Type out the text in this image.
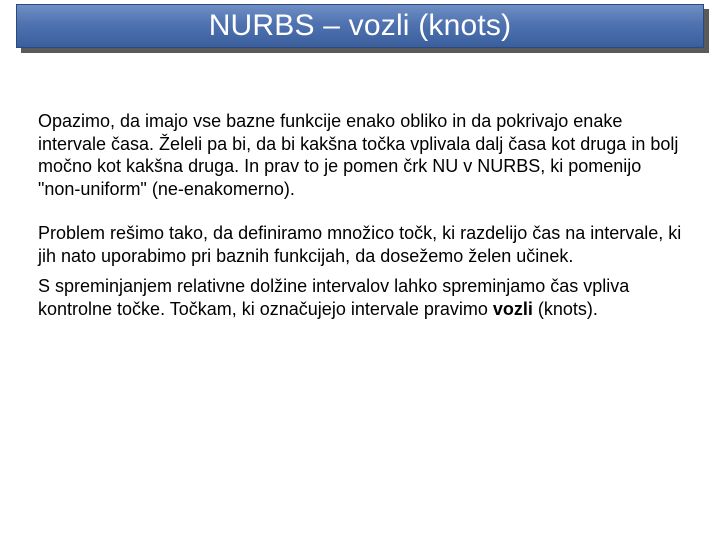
NURBS – vozli (knots)

Opazimo, da imajo vse bazne funkcije enako obliko in da pokrivajo enake intervale časa. Želeli pa bi, da bi kakšna točka vplivala dalj časa kot druga in bolj močno kot kakšna druga. In prav to je pomen črk NU v NURBS, ki pomenijo "non-uniform" (ne-enakomerno).

Problem rešimo tako, da definiramo množico točk, ki razdelijo čas na intervale, ki jih nato uporabimo pri baznih funkcijah, da dosežemo želen učinek.

S spreminjanjem relativne dolžine intervalov lahko spreminjamo čas vpliva kontrolne točke. Točkam, ki označujejo intervale pravimo vozli (knots).
